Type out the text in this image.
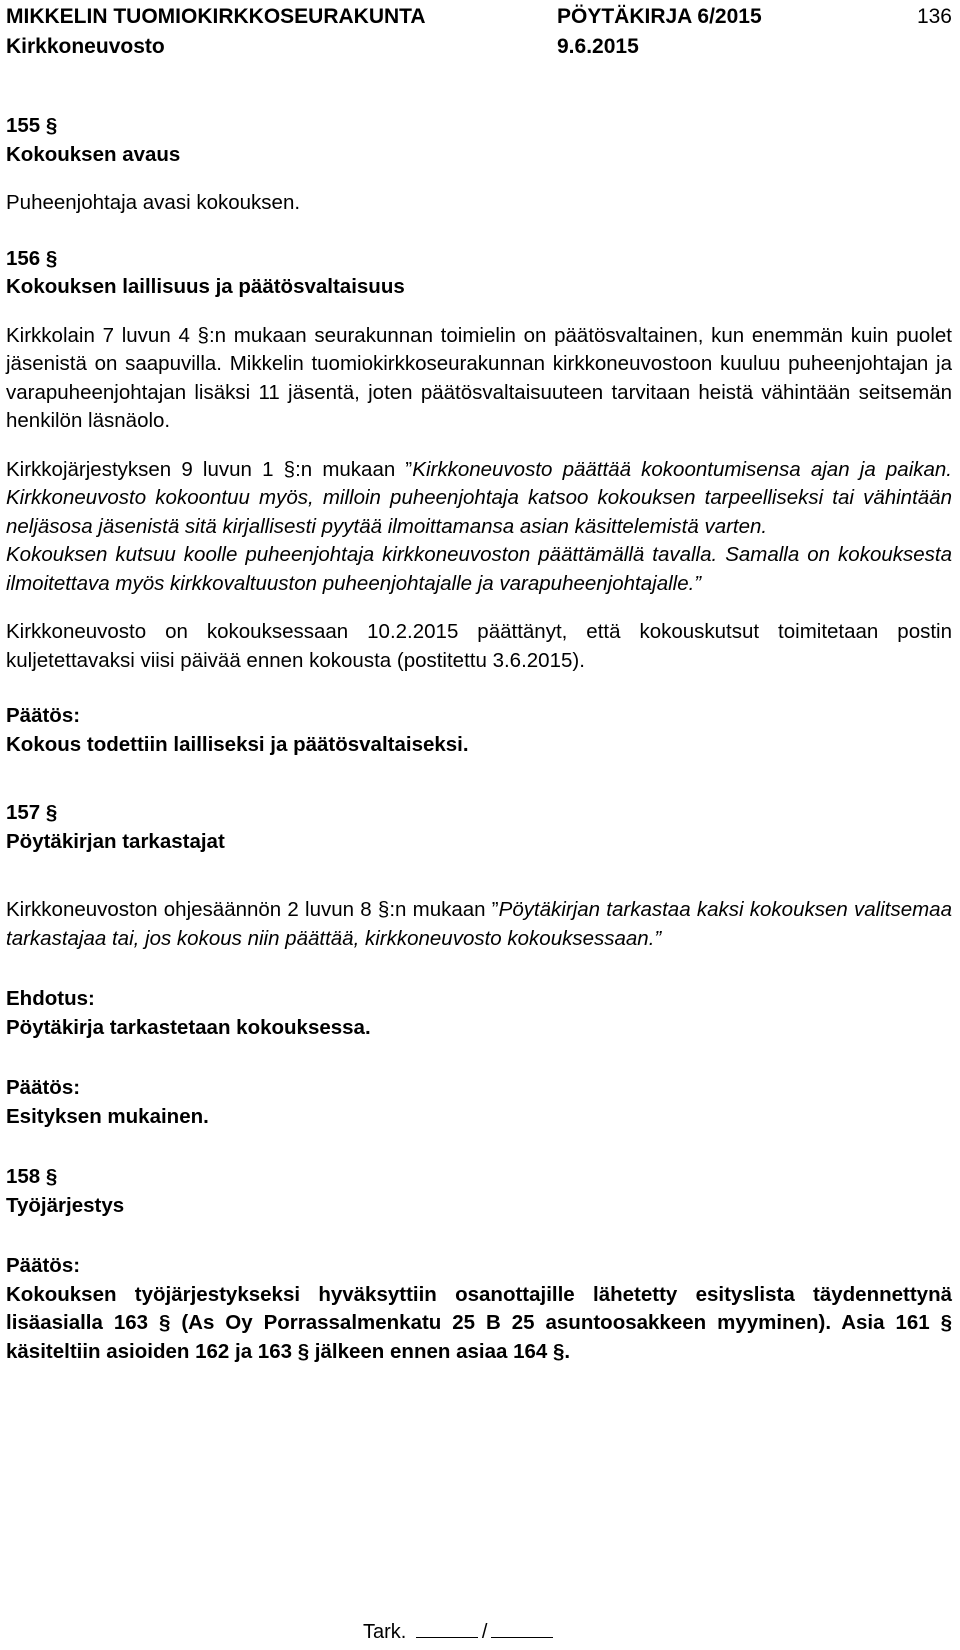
MIKKELIN TUOMIOKIRKKOSEURAKUNTA	PÖYTÄKIRJA 6/2015	136
Kirkkoneuvosto	9.6.2015

155 §

Kokouksen avaus

Puheenjohtaja avasi kokouksen.

156 §

Kokouksen laillisuus ja päätösvaltaisuus

Kirkkolain 7 luvun 4 §:n mukaan seurakunnan toimielin on päätösvaltainen, kun enemmän kuin puolet jäsenistä on saapuvilla. Mikkelin tuomiokirkkoseurakunnan kirkkoneuvostoon kuuluu puheenjohtajan ja varapuheenjohtajan lisäksi 11 jäsentä, joten päätösvaltaisuuteen tarvitaan heistä vähintään seitsemän henkilön läsnäolo.

Kirkkojärjestyksen 9 luvun 1 §:n mukaan ”Kirkkoneuvosto päättää kokoontumisensa ajan ja paikan. Kirkkoneuvosto kokoontuu myös, milloin puheenjohtaja katsoo kokouksen tarpeelliseksi tai vähintään neljäsosa jäsenistä sitä kirjallisesti pyytää ilmoittamansa asian käsittelemistä varten.

Kokouksen kutsuu koolle puheenjohtaja kirkkoneuvoston päättämällä tavalla. Samalla on kokouksesta ilmoitettava myös kirkkovaltuuston puheenjohtajalle ja varapuheenjohtajalle.”

Kirkkoneuvosto on kokouksessaan 10.2.2015 päättänyt, että kokouskutsut toimitetaan postin kuljetettavaksi viisi päivää ennen kokousta (postitettu 3.6.2015).

Päätös:

Kokous todettiin lailliseksi ja päätösvaltaiseksi.

157 §

Pöytäkirjan tarkastajat

Kirkkoneuvoston ohjesäännön 2 luvun 8 §:n mukaan ”Pöytäkirjan tarkastaa kaksi kokouksen valitsemaa tarkastajaa tai, jos kokous niin päättää, kirkkoneuvosto kokouksessaan.”

Ehdotus:

Pöytäkirja tarkastetaan kokouksessa.

Päätös:

Esityksen mukainen.

158 §

Työjärjestys

Päätös:

Kokouksen työjärjestykseksi hyväksyttiin osanottajille lähetetty esityslista täydennettynä lisäasialla 163 § (As Oy Porrassalmenkatu 25 B 25 asuntoosakkeen myyminen). Asia 161 § käsiteltiin asioiden 162 ja 163 § jälkeen ennen asiaa 164 §.

Tark.	/
